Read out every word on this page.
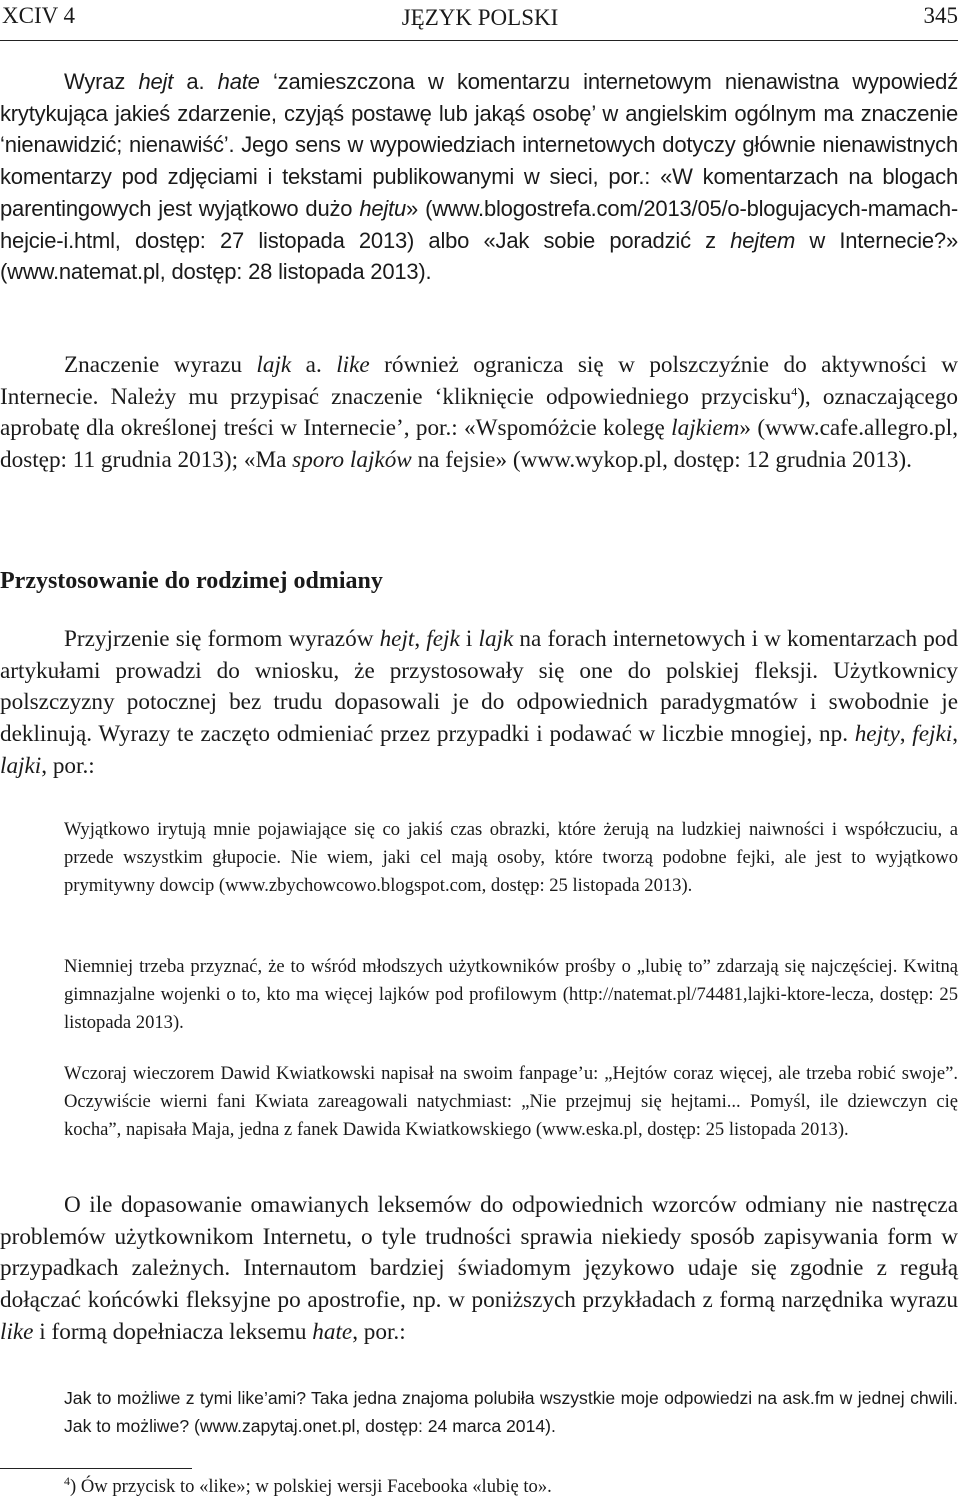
XCIV 4	JĘZYK POLSKI	345

Wyraz hejt a. hate ‘zamieszczona w komentarzu internetowym nienawistna wypowiedź krytykująca jakieś zdarzenie, czyjąś postawę lub jakąś osobę’ w angielskim ogólnym ma znaczenie ‘nienawidzić; nienawiść’. Jego sens w wypowiedziach internetowych dotyczy głównie nienawistnych komentarzy pod zdjęciami i tekstami publikowanymi w sieci, por.: «W komentarzach na blogach parentingowych jest wyjątkowo dużo hejtu» (www.blogostrefa.com/2013/05/o-blogujacych-mamach-hejcie-i.html, dostęp: 27 listopada 2013) albo «Jak sobie poradzić z hejtem w Internecie?» (www.natemat.pl, dostęp: 28 listopada 2013).

Znaczenie wyrazu lajk a. like również ogranicza się w polszczyźnie do aktywności w Internecie. Należy mu przypisać znaczenie ‘kliknięcie odpowiedniego przycisku$^4$), oznaczającego aprobatę dla określonej treści w Internecie’, por.: «Wspomóżcie kolegę lajkiem» (www.cafe.allegro.pl, dostęp: 11 grudnia 2013); «Ma sporo lajków na fejsie» (www.wykop.pl, dostęp: 12 grudnia 2013).

Przystosowanie do rodzimej odmiany

Przyjrzenie się formom wyrazów hejt, fejk i lajk na forach internetowych i w komentarzach pod artykułami prowadzi do wniosku, że przystosowały się one do polskiej fleksji. Użytkownicy polszczyzny potocznej bez trudu dopasowali je do odpowiednich paradygmatów i swobodnie je deklinują. Wyrazy te zaczęto odmieniać przez przypadki i podawać w liczbie mnogiej, np. hejty, fejki, lajki, por.:

Wyjątkowo irytują mnie pojawiające się co jakiś czas obrazki, które żerują na ludzkiej naiwności i współczuciu, a przede wszystkim głupocie. Nie wiem, jaki cel mają osoby, które tworzą podobne fejki, ale jest to wyjątkowo prymitywny dowcip (www.zbychowcowo.blogspot.com, dostęp: 25 listopada 2013).

Niemniej trzeba przyznać, że to wśród młodszych użytkowników prośby o „lubię to” zdarzają się najczęściej. Kwitną gimnazjalne wojenki o to, kto ma więcej lajków pod profilowym (http://natemat.pl/74481,lajki-ktore-lecza, dostęp: 25 listopada 2013).

Wczoraj wieczorem Dawid Kwiatkowski napisał na swoim fanpage’u: „Hejtów coraz więcej, ale trzeba robić swoje”. Oczywiście wierni fani Kwiata zareagowali natychmiast: „Nie przejmuj się hejtami... Pomyśl, ile dziewczyn cię kocha”, napisała Maja, jedna z fanek Dawida Kwiatkowskiego (www.eska.pl, dostęp: 25 listopada 2013).

O ile dopasowanie omawianych leksemów do odpowiednich wzorców odmiany nie nastręcza problemów użytkownikom Internetu, o tyle trudności sprawia niekiedy sposób zapisywania form w przypadkach zależnych. Internautom bardziej świadomym językowo udaje się zgodnie z regułą dołączać końcówki fleksyjne po apostrofie, np. w poniższych przykładach z formą narzędnika wyrazu like i formą dopełniacza leksemu hate, por.:

Jak to możliwe z tymi like’ami? Taka jedna znajoma polubiła wszystkie moje odpowiedzi na ask.fm w jednej chwili. Jak to możliwe? (www.zapytaj.onet.pl, dostęp: 24 marca 2014).

$^4$) Ów przycisk to «like»; w polskiej wersji Facebooka «lubię to».
